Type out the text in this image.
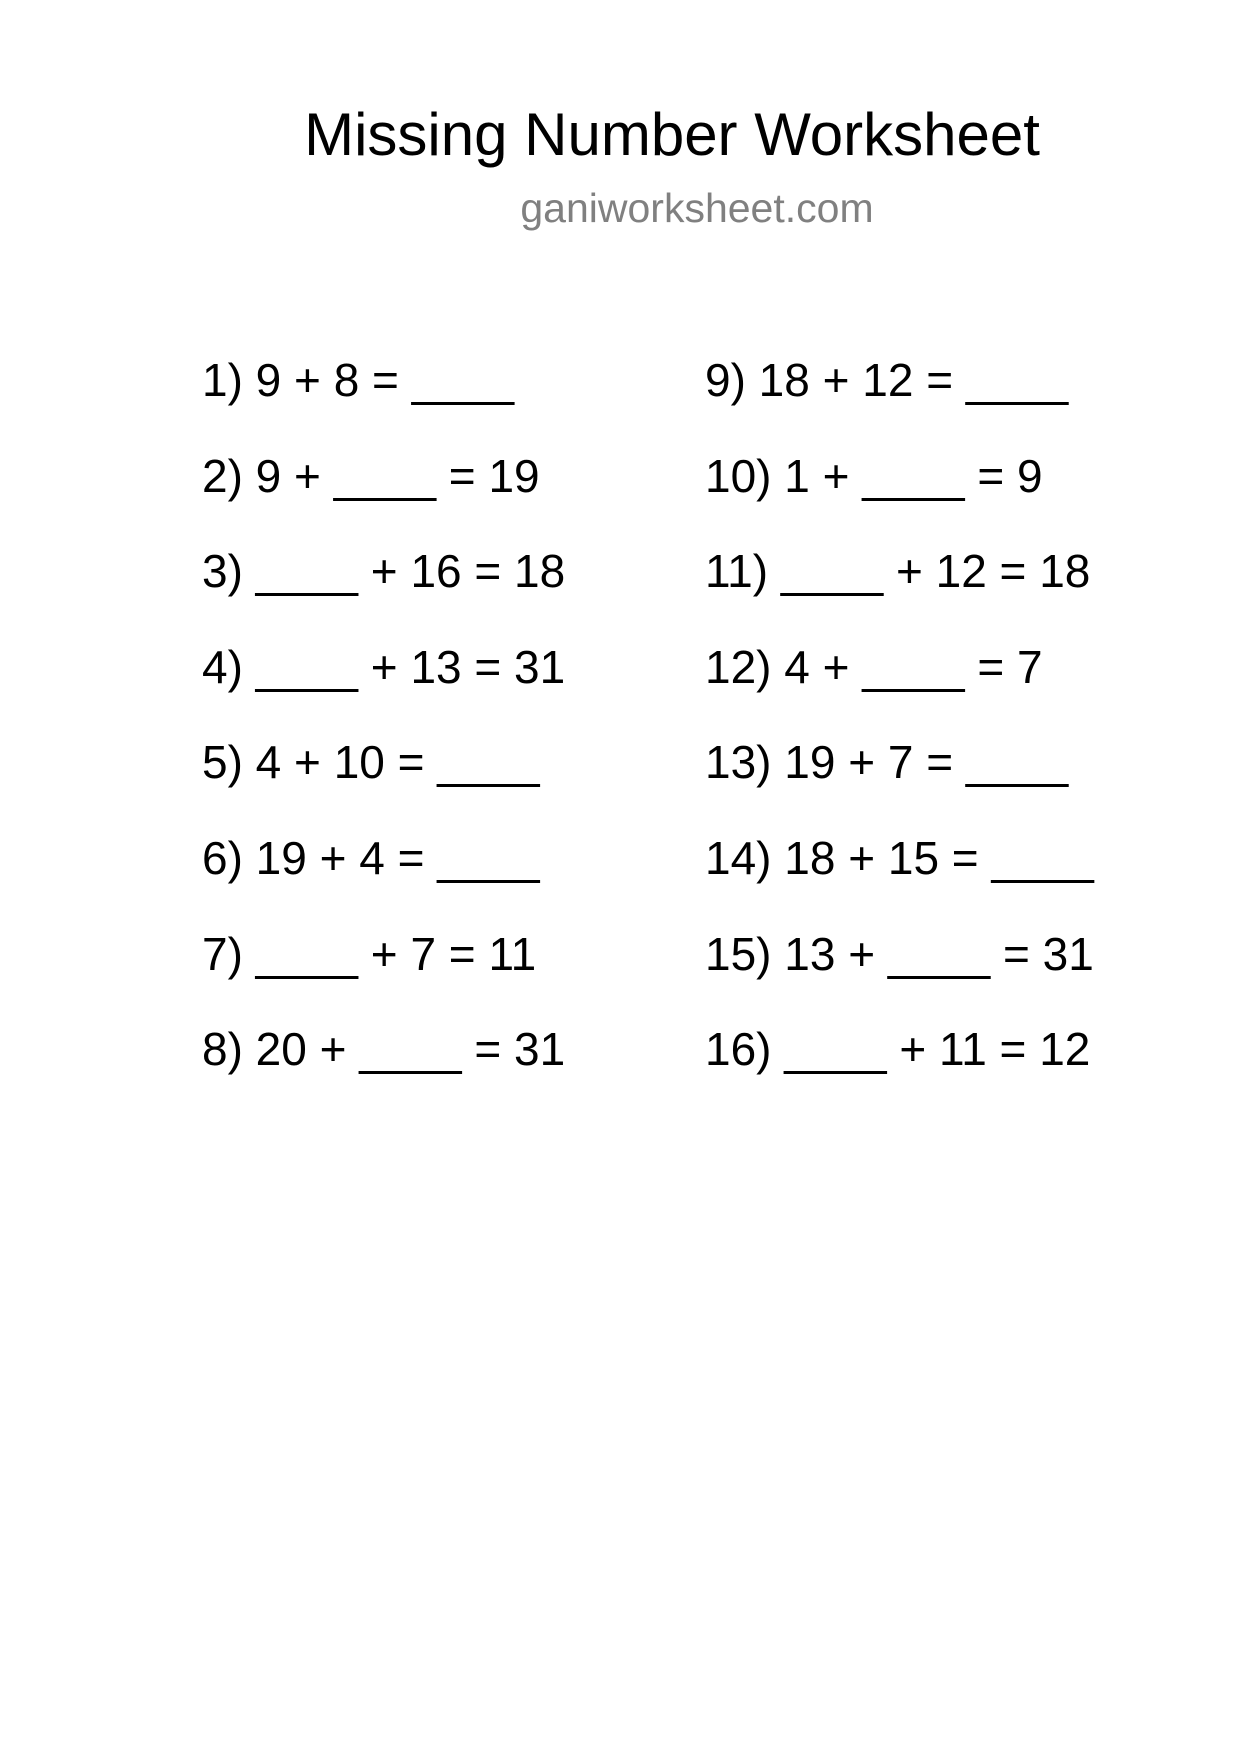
Missing Number Worksheet
ganiworksheet.com
1) 9 + 8 = ____
2) 9 + ____ = 19
3) ____ + 16 = 18
4) ____ + 13 = 31
5) 4 + 10 = ____
6) 19 + 4 = ____
7) ____ + 7 = 11
8) 20 + ____ = 31
9) 18 + 12 = ____
10) 1 + ____ = 9
11) ____ + 12 = 18
12) 4 + ____ = 7
13) 19 + 7 = ____
14) 18 + 15 = ____
15) 13 + ____ = 31
16) ____ + 11 = 12
